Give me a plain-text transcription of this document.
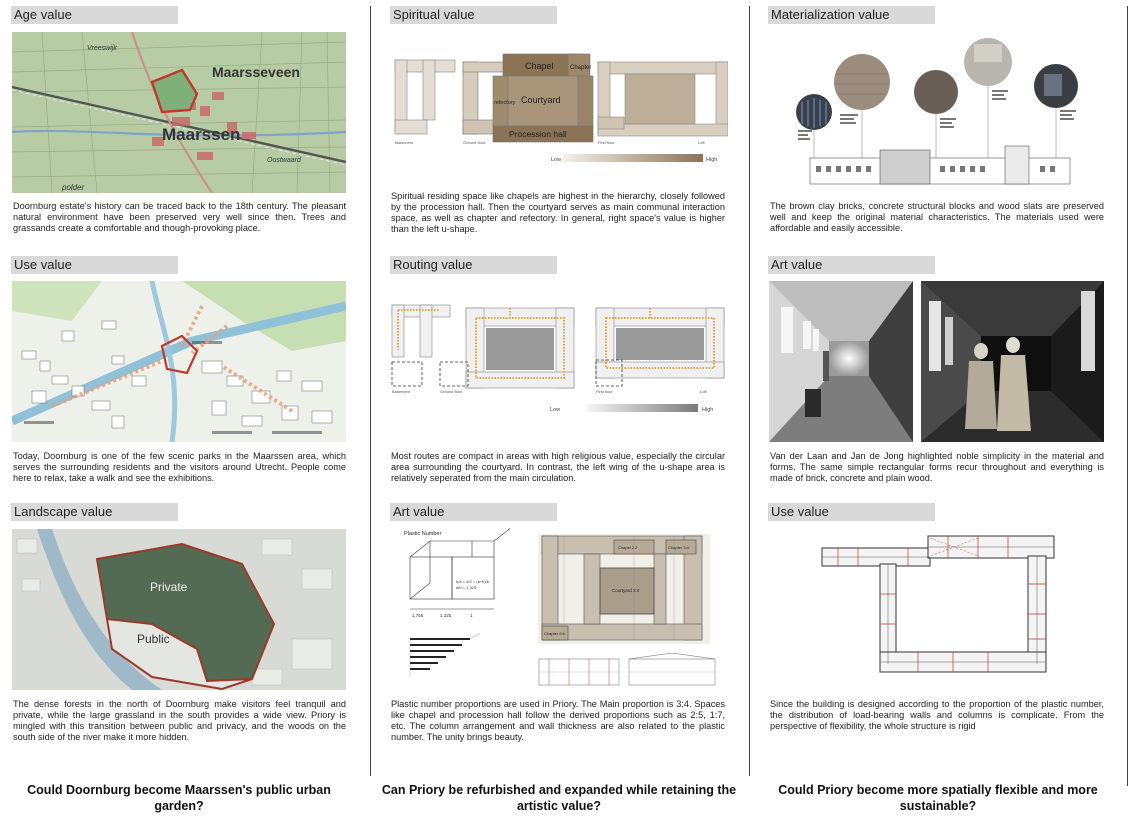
Age value
Maarsseveen
Maarssen
Vreeswijk
Oostwaard
polder

Doornburg estate's history can be traced back to the 18th century. The pleasant natural environment have been preserved very well since then. Trees and grassands create a comfortable and though-provoking place.

Use value

Today, Doornburg is one of the few scenic parks in the Maarssen area, which serves the surrounding residents and the visitors around Utrecht. People come here to relax, take a walk and see the exhibitions.

Landscape value
Private
Public

The dense forests in the north of Doornburg make visitors feel tranquil and private, while the large grassland in the south provides a wide view. Priory is mingled with this transition between public and privacy, and the woods on the south side of the river make it more hidden.

Could Doornburg become Maarssen's public urban garden?
Spiritual value
Chapel	Chapter
refectory Courtyard
Procession hall
Basement	Ground floor	First floor	Loft
Low	High

Spiritual residing space like chapels are highest in the hierarchy, closely followed by the procession hall. Then the courtyard serves as main communal interaction space, as well as chapter and refectory. In general, right space's value is higher than the left u-shape.

Routing value
Basement	Ground floor	First floor	Loft
Low	High

Most routes are compact in areas with high religious value, especially the circular area surrounding the courtyard. In contrast, the left wing of the u-shape area is relatively seperated from the main circulation.

Art value
Plastic Number
b/a = 4/3 = (a+b)/b
a/b = 1.325
1.755	1.325	1
Chapel 2:2	Chapter 3:4
Courtyard 3:4
Chapter 6:6

Plastic number proportions are used in Priory. The Main proportion is 3:4. Spaces like chapel and procession hall follow the derived proportions such as 2:5, 1:7, etc. The column arrangement and wall thickness are also related to the plastic number. The unity brings beauty.

Can Priory be refurbished and expanded while retaining the artistic value?
Materialization value

The brown clay bricks, concrete structural blocks and wood slats are preserved well and keep the original material characteristics. The materials used were affordable and easily accessible.

Art value

Van der Laan and Jan de Jong highlighted noble simplicity in the material and forms. The same simple rectangular forms recur throughout and everything is made of brick, concrete and plain wood.

Use value

Since the building is designed according to the proportion of the plastic number, the distribution of load-bearing walls and columns is complicate. From the perspective of flexibility, the whole structure is rigid

Could Priory become more spatially flexible and more sustainable?
